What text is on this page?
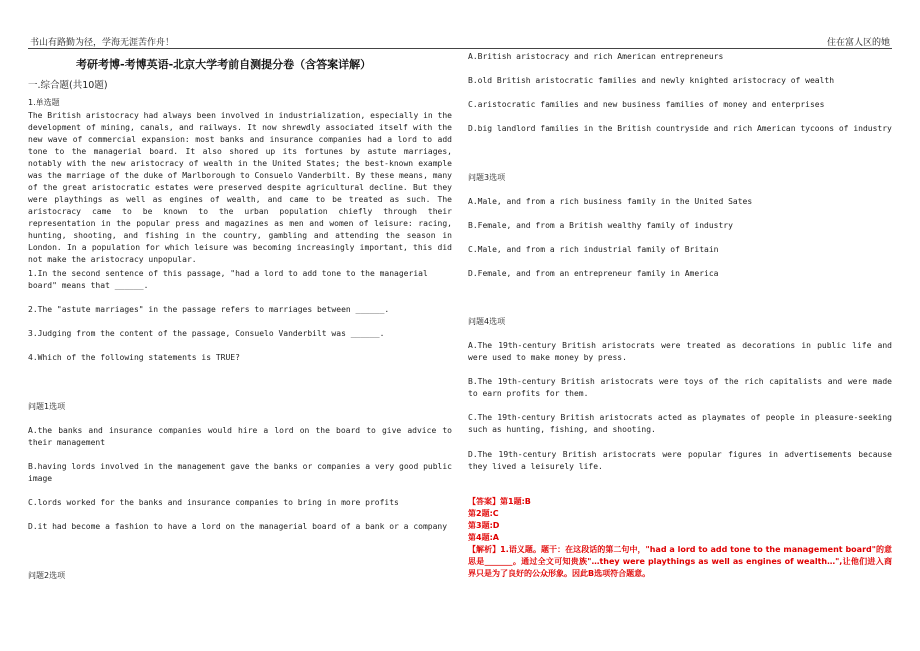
书山有路勤为径，学海无涯苦作舟！	住在富人区的她
考研考博-考博英语-北京大学考前自测提分卷（含答案详解）
一.综合题(共10题)
1.单选题
The British aristocracy had always been involved in industrialization, especially in the development of mining, canals, and railways. It now shrewdly associated itself with the new wave of commercial expansion: most banks and insurance companies had a lord to add tone to the managerial board. It also shored up its fortunes by astute marriages, notably with the new aristocracy of wealth in the United States; the best-known example was the marriage of the duke of Marlborough to Consuelo Vanderbilt. By these means, many of the great aristocratic estates were preserved despite agricultural decline. But they were playthings as well as engines of wealth, and came to be treated as such. The aristocracy came to be known to the urban population chiefly through their representation in the popular press and magazines as men and women of leisure: racing, hunting, shooting, and fishing in the country, gambling and attending the season in London. In a population for which leisure was becoming increasingly important, this did not make the aristocracy unpopular.
1.In the second sentence of this passage, "had a lord to add tone to the managerial board" means that ______.
2.The "astute marriages" in the passage refers to marriages between ______.
3.Judging from the content of the passage, Consuelo Vanderbilt was ______.
4.Which of the following statements is TRUE?
问题1选项
A.the banks and insurance companies would hire a lord on the board to give advice to their management
B.having lords involved in the management gave the banks or companies a very good public image
C.lords worked for the banks and insurance companies to bring in more profits
D.it had become a fashion to have a lord on the managerial board of a bank or a company
问题2选项
A.British aristocracy and rich American entrepreneurs
B.old British aristocratic families and newly knighted aristocracy of wealth
C.aristocratic families and new business families of money and enterprises
D.big landlord families in the British countryside and rich American tycoons of industry
问题3选项
A.Male, and from a rich business family in the United Sates
B.Female, and from a British wealthy family of industry
C.Male, and from a rich industrial family of Britain
D.Female, and from an entrepreneur family in America
问题4选项
A.The 19th-century British aristocrats were treated as decorations in public life and were used to make money by press.
B.The 19th-century British aristocrats were toys of the rich capitalists and were made to earn profits for them.
C.The 19th-century British aristocrats acted as playmates of people in pleasure-seeking such as hunting, fishing, and shooting.
D.The 19th-century British aristocrats were popular figures in advertisements because they lived a leisurely life.
【答案】第1题:B
第2题:C
第3题:D
第4题:A
【解析】1.语义题。题干：在这段话的第二句中，"had a lord to add tone to the management board"的意思是_______。通过全文可知贵族"…they were playthings as well as engines of wealth…",让他们进入商界只是为了良好的公众形象。因此B选项符合题意。
